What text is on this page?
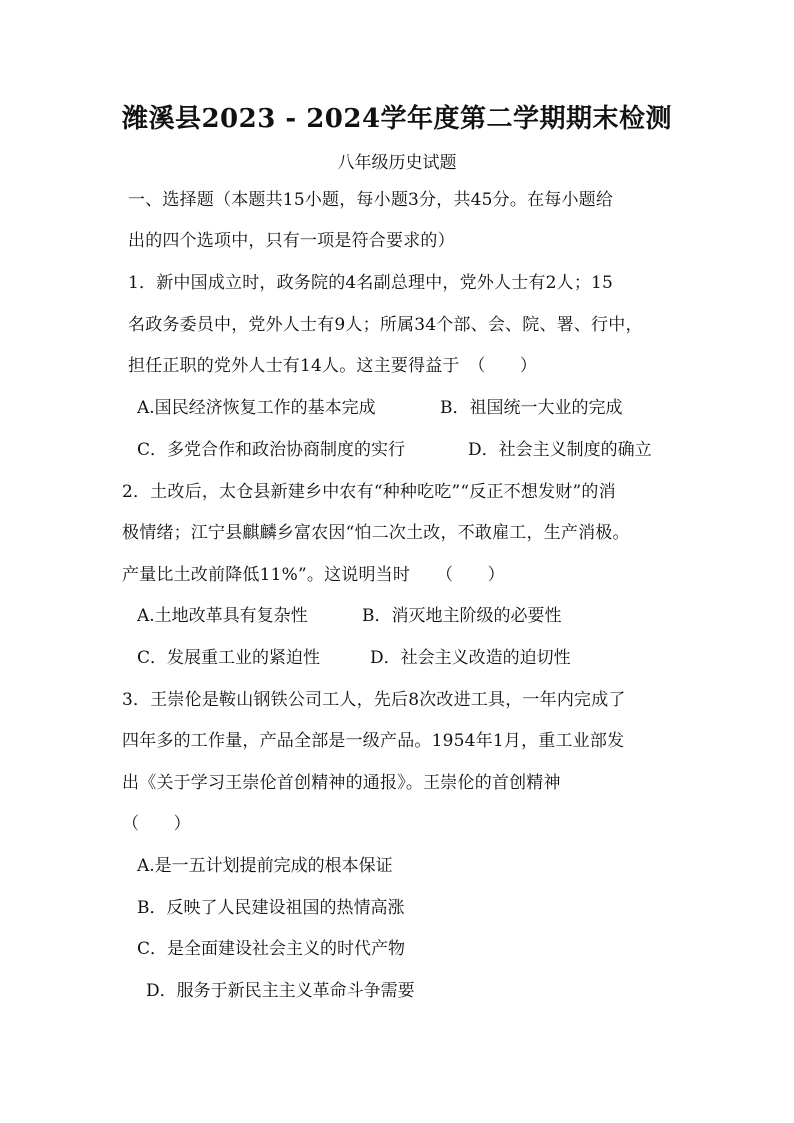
潍溪县2023 - 2024学年度第二学期期末检测
八年级历史试题
一、选择题（本题共15小题，每小题3分，共45分。在每小题给
出的四个选项中，只有一项是符合要求的）
1．新中国成立时，政务院的4名副总理中，党外人士有2人；15
名政务委员中，党外人士有9人；所属34个部、会、院、署、行中，
担任正职的党外人士有14人。这主要得益于　（　　）
A.国民经济恢复工作的基本完成	B．祖国统一大业的完成
C．多党合作和政治协商制度的实行	D．社会主义制度的确立
2．土改后，太仓县新建乡中农有“种种吃吃”“反正不想发财”的消
极情绪；江宁县麒麟乡富农因“怕二次土改，不敢雇工，生产消极。
产量比土改前降低11%”。这说明当时　　（　　）
A.土地改革具有复杂性	B．消灭地主阶级的必要性
C．发展重工业的紧迫性	D．社会主义改造的迫切性
3．王崇伦是鞍山钢铁公司工人，先后8次改进工具，一年内完成了
四年多的工作量，产品全部是一级产品。1954年1月，重工业部发
出《关于学习王崇伦首创精神的通报》。王崇伦的首创精神
（　　）
A.是一五计划提前完成的根本保证
B．反映了人民建设祖国的热情高涨
C．是全面建设社会主义的时代产物
D．服务于新民主主义革命斗争需要
